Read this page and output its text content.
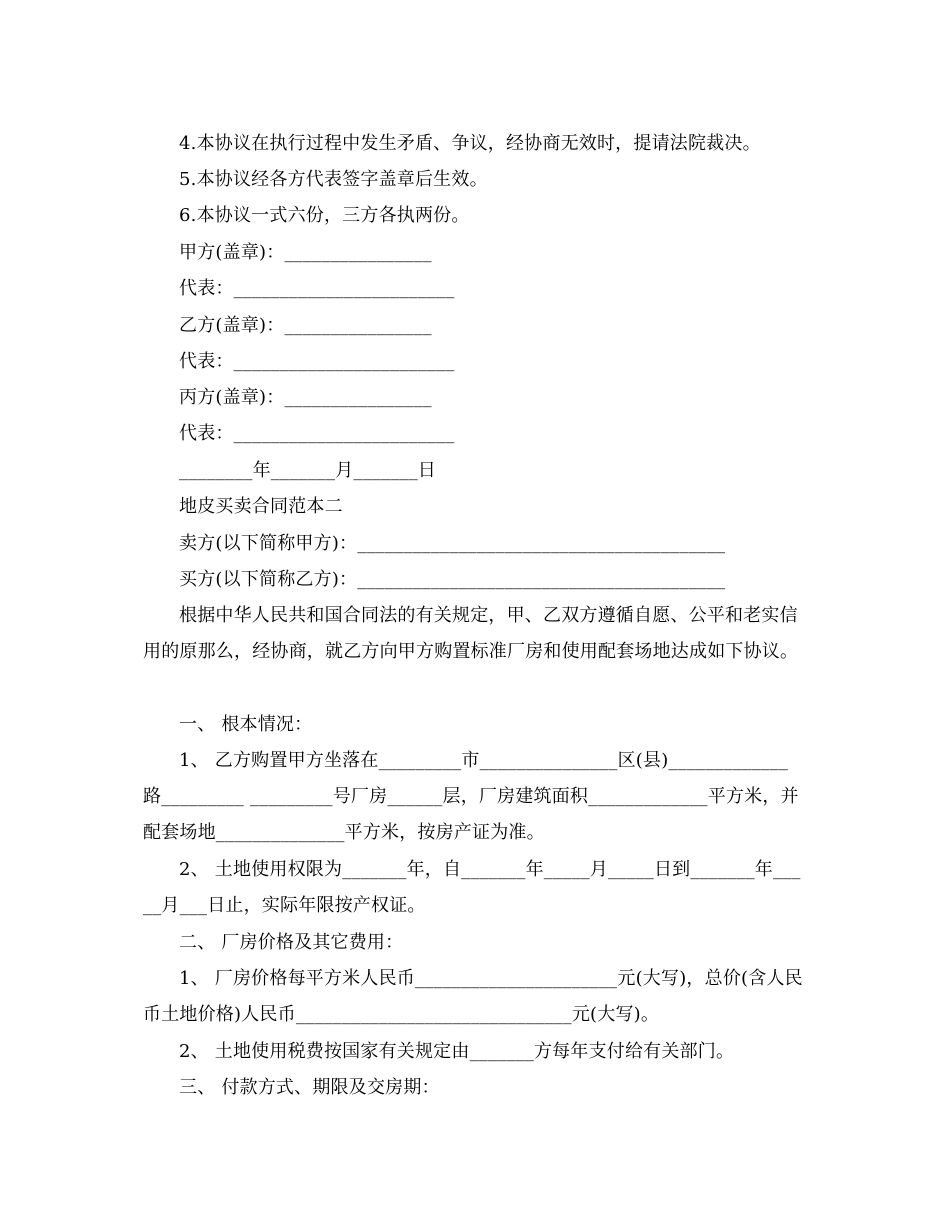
4.本协议在执行过程中发生矛盾、争议，经协商无效时，提请法院裁决。
5.本协议经各方代表签字盖章后生效。
6.本协议一式六份，三方各执两份。
甲方(盖章)：________________
代表：________________________
乙方(盖章)：________________
代表：________________________
丙方(盖章)：________________
代表：________________________
________年_______月_______日
地皮买卖合同范本二
卖方(以下简称甲方)：________________________________________
买方(以下简称乙方)：________________________________________
根据中华人民共和国合同法的有关规定，甲、乙双方遵循自愿、公平和老实信用的原那么，经协商，就乙方向甲方购置标准厂房和使用配套场地达成如下协议。
一、 根本情况：
1、 乙方购置甲方坐落在_________市_______________区(县)_____________路_________ _________号厂房______层，厂房建筑面积_____________平方米，并配套场地______________平方米，按房产证为准。
2、 土地使用权限为_______年，自_______年_____月_____日到_______年_____月___日止，实际年限按产权证。
二、 厂房价格及其它费用：
1、 厂房价格每平方米人民币______________________元(大写)，总价(含人民币土地价格)人民币______________________________元(大写)。
2、 土地使用税费按国家有关规定由_______方每年支付给有关部门。
三、 付款方式、期限及交房期：
